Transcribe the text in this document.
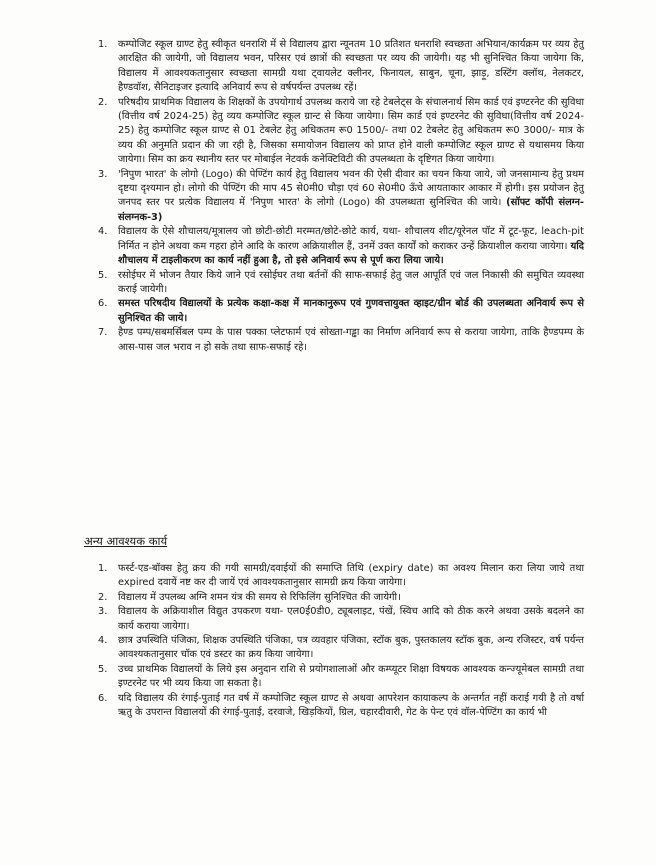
1. कम्पोजिट स्कूल ग्राण्ट हेतु स्वीकृत धनराशि में से विद्यालय द्वारा न्यूनतम 10 प्रतिशत धनराशि स्वच्छता अभियान/कार्यक्रम पर व्यय हेतु आरक्षित की जायेगी, जो विद्यालय भवन, परिसर एवं छात्रों की स्वच्छता पर व्यय की जायेगी। यह भी सुनिश्चित किया जायेगा कि, विद्यालय में आवश्यकतानुसार स्वच्छता सामग्री यथा ट्वायलेट क्लीनर, फिनायल, साबुन, चूना, झाड़ू, डस्टिंग क्लॉथ, नेलकटर, हैण्डवॉश, सैनिटाइजर इत्यादि अनिवार्य रूप से वर्षपर्यन्त उपलब्ध रहें।
2. परिषदीय प्राथमिक विद्यालय के शिक्षकों के उपयोगार्थ उपलब्ध कराये जा रहे टेबलेट्स के संचालनार्थ सिम कार्ड एवं इण्टरनेट की सुविधा (वित्तीय वर्ष 2024-25) हेतु व्यय कम्पोजिट स्कूल ग्रान्ट से किया जायेगा। सिम कार्ड एवं इण्टरनेट की सुविधा(वित्तीय वर्ष 2024-25) हेतु कम्पोजिट स्कूल ग्राण्ट से 01 टेबलेट हेतु अधिकतम रू0 1500/- तथा 02 टेबलेट हेतु अधिकतम रू0 3000/- मात्र के व्यय की अनुमति प्रदान की जा रही है, जिसका समायोजन विद्यालय को प्राप्त होने वाली कम्पोजिट स्कूल ग्राण्ट से यथासमय किया जायेगा। सिम का क्रय स्थानीय स्तर पर मोबाईल नेटवर्क कनेक्टिविटी की उपलब्धता के दृष्टिगत किया जायेगा।
3. 'निपुण भारत' के लोगो (Logo) की पेण्टिंग कार्य हेतु विद्यालय भवन की ऐसी दीवार का चयन किया जाये, जो जनसामान्य हेतु प्रथम दृष्टया दृश्यमान हो। लोगो की पेण्टिंग की माप 45 से0मी0 चौड़ा एवं 60 से0मी0 ऊँचे आयताकार आकार में होगी। इस प्रयोजन हेतु जनपद स्तर पर प्रत्येक विद्यालय में 'निपुण भारत' के लोगो (Logo) की उपलब्धता सुनिश्चित की जाये। (सॉफ्ट कॉपी संलग्न-संलग्नक-3)
4. विद्यालय के ऐसे शौचालय/मूत्रालय जो छोटी-छोटी मरम्मत/छोटे-छोटे कार्य, यथा- शौचालय शीट/यूरेनल पॉट में टूट-फूट, leach-pit निर्मित न होने अथवा कम गहरा होने आदि के कारण अक्रियाशील हैं, उनमें उक्त कार्यों को कराकर उन्हें क्रियाशील कराया जायेगा। यदि शौचालय में टाइलीकरण का कार्य नहीं हुआ है, तो इसे अनिवार्य रूप से पूर्ण करा लिया जाये।
5. रसोईघर में भोजन तैयार किये जाने एवं रसोईघर तथा बर्तनों की साफ-सफाई हेतु जल आपूर्ति एवं जल निकासी की समुचित व्यवस्था कराई जायेगी।
6. समस्त परिषदीय विद्यालयों के प्रत्येक कक्षा-कक्ष में मानकानुरूप एवं गुणवत्तायुक्त व्हाइट/ग्रीन बोर्ड की उपलब्धता अनिवार्य रूप से सुनिश्चित की जाये।
7. हैण्ड पम्प/सबमर्सिबल पम्प के पास पक्का प्लेटफार्म एवं सोख्ता-गड्ढा का निर्माण अनिवार्य रूप से कराया जायेगा, ताकि हैण्डपम्प के आस-पास जल भराव न हो सके तथा साफ-सफाई रहे।
अन्य आवश्यक कार्य
1. फर्स्ट-एड-बॉक्स हेतु क्रय की गयी सामग्री/दवाईयों की समाप्ति तिथि (expiry date) का अवश्य मिलान करा लिया जाये तथा expired दवायें नष्ट कर दी जायें एवं आवश्यकतानुसार सामग्री क्रय किया जायेगा।
2. विद्यालय में उपलब्ध अग्नि शमन यंत्र की समय से रिफिलिंग सुनिश्चित की जायेगी।
3. विद्यालय के अक्रियाशील विद्युत उपकरण यथा- एल0ई0डी0, ट्यूबलाइट, पंखें, स्विच आदि को ठीक करने अथवा उसके बदलने का कार्य कराया जायेगा।
4. छात्र उपस्थिति पंजिका, शिक्षक उपस्थिति पंजिका, पत्र व्यवहार पंजिका, स्टॉक बुक, पुस्तकालय स्टॉक बुक, अन्य रजिस्टर, वर्ष पर्यन्त आवश्यकतानुसार चॉक एवं डस्टर का क्रय किया जायेगा।
5. उच्च प्राथमिक विद्यालयों के लिये इस अनुदान राशि से प्रयोगशालाओं और कम्प्यूटर शिक्षा विषयक आवश्यक कन्ज्यूमेबल सामग्री तथा इण्टरनेट पर भी व्यय किया जा सकता है।
6. यदि विद्यालय की रंगाई-पुताई गत वर्ष में कम्पोजिट स्कूल ग्राण्ट से अथवा आपरेशन कायाकल्प के अन्तर्गत नहीं कराई गयी है तो वर्षा ऋतु के उपरान्त विद्यालयों की रंगाई-पुताई, दरवाजे, खिड़कियों, ग्रिल, चहारदीवारी, गेट के पेन्ट एवं वॉल-पेण्टिंग का कार्य भी
